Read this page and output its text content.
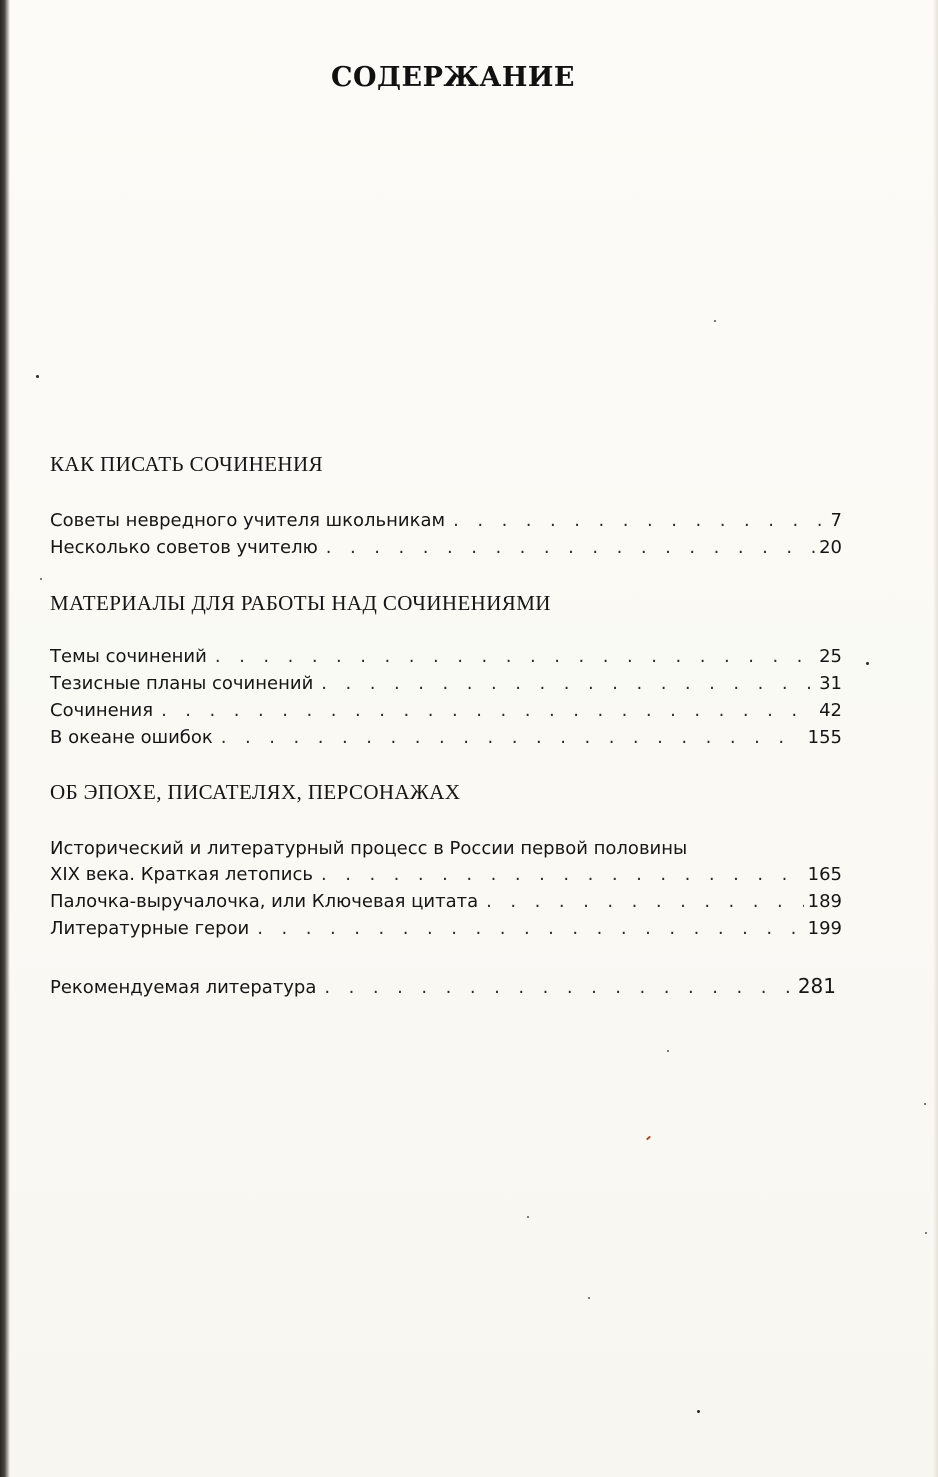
СОДЕРЖАНИЕ
КАК ПИСАТЬ СОЧИНЕНИЯ
Советы невредного учителя школьникам . . .	7
Несколько советов учителю . . .	20
МАТЕРИАЛЫ ДЛЯ РАБОТЫ НАД СОЧИНЕНИЯМИ
Темы сочинений . . .	25
Тезисные планы сочинений . . .	31
Сочинения . . .	42
В океане ошибок . . .	155
ОБ ЭПОХЕ, ПИСАТЕЛЯХ, ПЕРСОНАЖАХ
Исторический и литературный процесс в России первой половины
XIX века. Краткая летопись . . .	165
Палочка-выручалочка, или Ключевая цитата . . .	189
Литературные герои . . .	199
Рекомендуемая литература . . .	281
